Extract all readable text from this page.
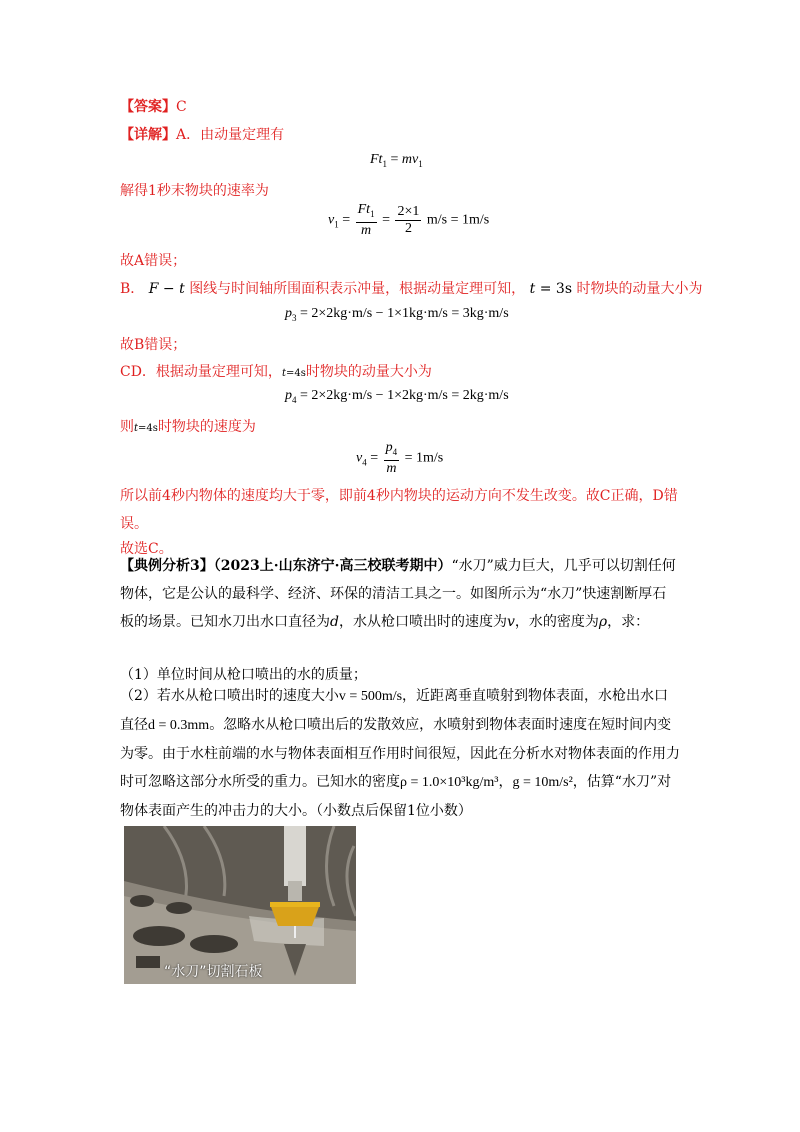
【答案】C
【详解】A．由动量定理有
$Ft_1 = mv_1$
解得1秒末物块的速率为
$v_1 = \frac{Ft_1}{m} = \frac{2\times 1}{2} m/s = 1m/s$
故A错误；
B． F − t 图线与时间轴所围面积表示冲量，根据动量定理可知， t = 3s 时物块的动量大小为
$p_3 = 2\times 2kg\cdot m/s - 1\times 1kg\cdot m/s = 3kg\cdot m/s$
故B错误；
CD．根据动量定理可知，t=4s时物块的动量大小为
$p_4 = 2\times 2kg\cdot m/s - 1\times 2kg\cdot m/s = 2kg\cdot m/s$
则t=4s时物块的速度为
$v_4 = \frac{p_4}{m} = 1m/s$
所以前4秒内物体的速度均大于零，即前4秒内物块的运动方向不发生改变。故C正确，D错误。
故选C。
【典例分析3】（2023上·山东济宁·高三校联考期中）“水刀”威力巨大，几乎可以切割任何物体，它是公认的最科学、经济、环保的清洁工具之一。如图所示为“水刀”快速割断厚石板的场景。已知水刀出水口直径为d，水从枪口喷出时的速度为v，水的密度为ρ，求：
（1）单位时间从枪口喷出的水的质量；
（2）若水从枪口喷出时的速度大小v = 500m/s，近距离垂直喷射到物体表面，水枪出水口直径d = 0.3mm。忽略水从枪口喷出后的发散效应，水喷射到物体表面时速度在短时间内变为零。由于水柱前端的水与物体表面相互作用时间很短，因此在分析水对物体表面的作用力时可忽略这部分水所受的重力。已知水的密度ρ = 1.0×10³kg/m³，g = 10m/s²，估算“水刀”对物体表面产生的冲击力的大小。（小数点后保留1位小数）
“水刀”切割石板
